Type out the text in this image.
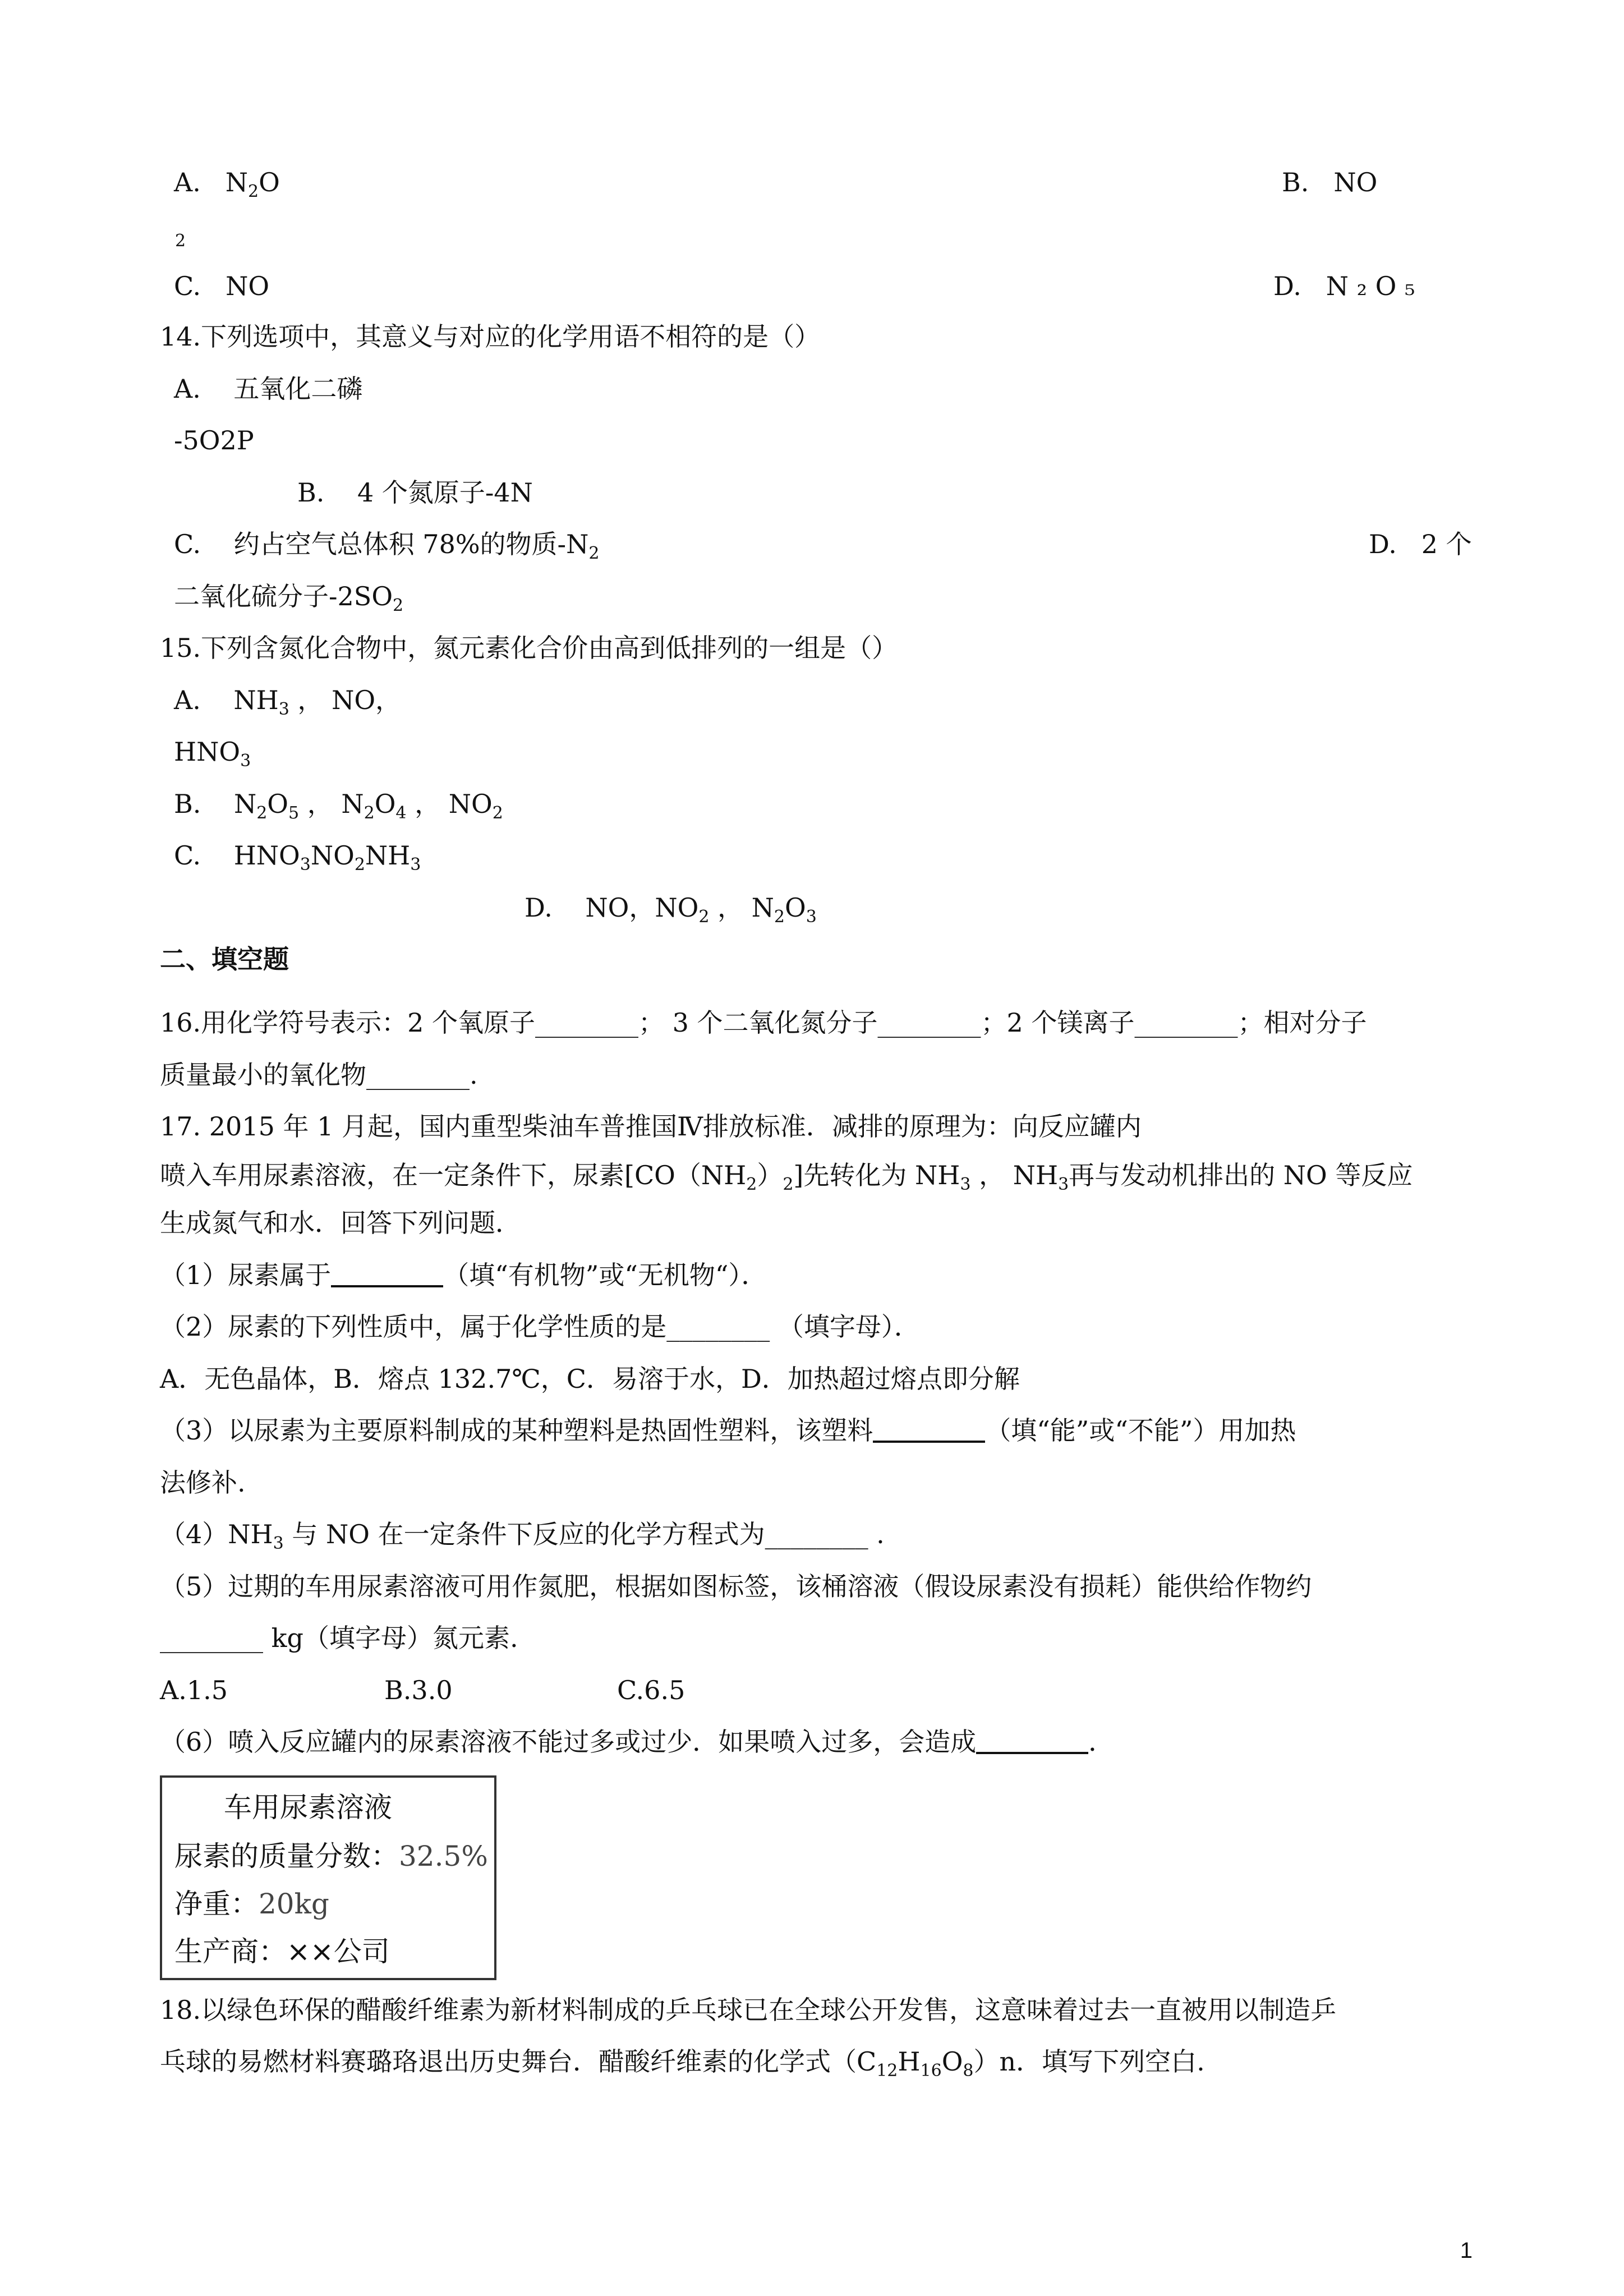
A. $N_2O$	B. NO
2
C. NO	D. N ₂ O ₅
14.下列选项中，其意义与对应的化学用语不相符的是（）
A. 五氧化二磷
-5O2P
B. 4 个氮原子-4N
C. 约占空气总体积 78%的物质$-N_2$	D. 2 个
二氧化硫分子$-2SO_2$
15.下列含氮化合物中，氮元素化合价由高到低排列的一组是（）
A. $NH_3$ ， NO，
$HNO_3$
B. $N_2O_5$ ， $N_2O_4$ ， $NO_2$
C. $HNO_3NO_2NH_3$
D. NO，$NO_2$ ， $N_2O_3$
二、填空题
16.用化学符号表示：2 个氧原子________； 3 个二氧化氮分子________；2 个镁离子________；相对分子
质量最小的氧化物________.
17. 2015 年 1 月起，国内重型柴油车普推国Ⅳ排放标准．减排的原理为：向反应罐内
喷入车用尿素溶液，在一定条件下，尿素$[CO(NH_2)_2]$先转化为 $NH_3$ ， $NH_3$再与发动机排出的 NO 等反应
生成氮气和水．回答下列问题．
（1）尿素属于	（填“有机物”或“无机物“）．
（2）尿素的下列性质中，属于化学性质的是________ （填字母）．
A．无色晶体，B．熔点 132.7℃，C．易溶于水，D．加热超过熔点即分解
（3）以尿素为主要原料制成的某种塑料是热固性塑料，该塑料	（填“能”或“不能”）用加热
法修补.
$(4)NH_3$ 与 NO 在一定条件下反应的化学方程式为________ .
（5）过期的车用尿素溶液可用作氮肥，根据如图标签，该桶溶液（假设尿素没有损耗）能供给作物约
________ kg（填字母）氮元素.
A.1.5	B.3.0	C.6.5
车用尿素溶液
尿素的质量分数：32.5%
净重：20kg
生产商：××公司
18.以绿色环保的醋酸纤维素为新材料制成的乒乓球已在全球公开发售，这意味着过去一直被用以制造乒
乓球的易燃材料赛璐珞退出历史舞台．醋酸纤维素的化学式$(C_{12}H_{16}O_8)n$．填写下列空白.
1
（6）喷入反应罐内的尿素溶液不能过多或过少．如果喷入过多，会造成	．
